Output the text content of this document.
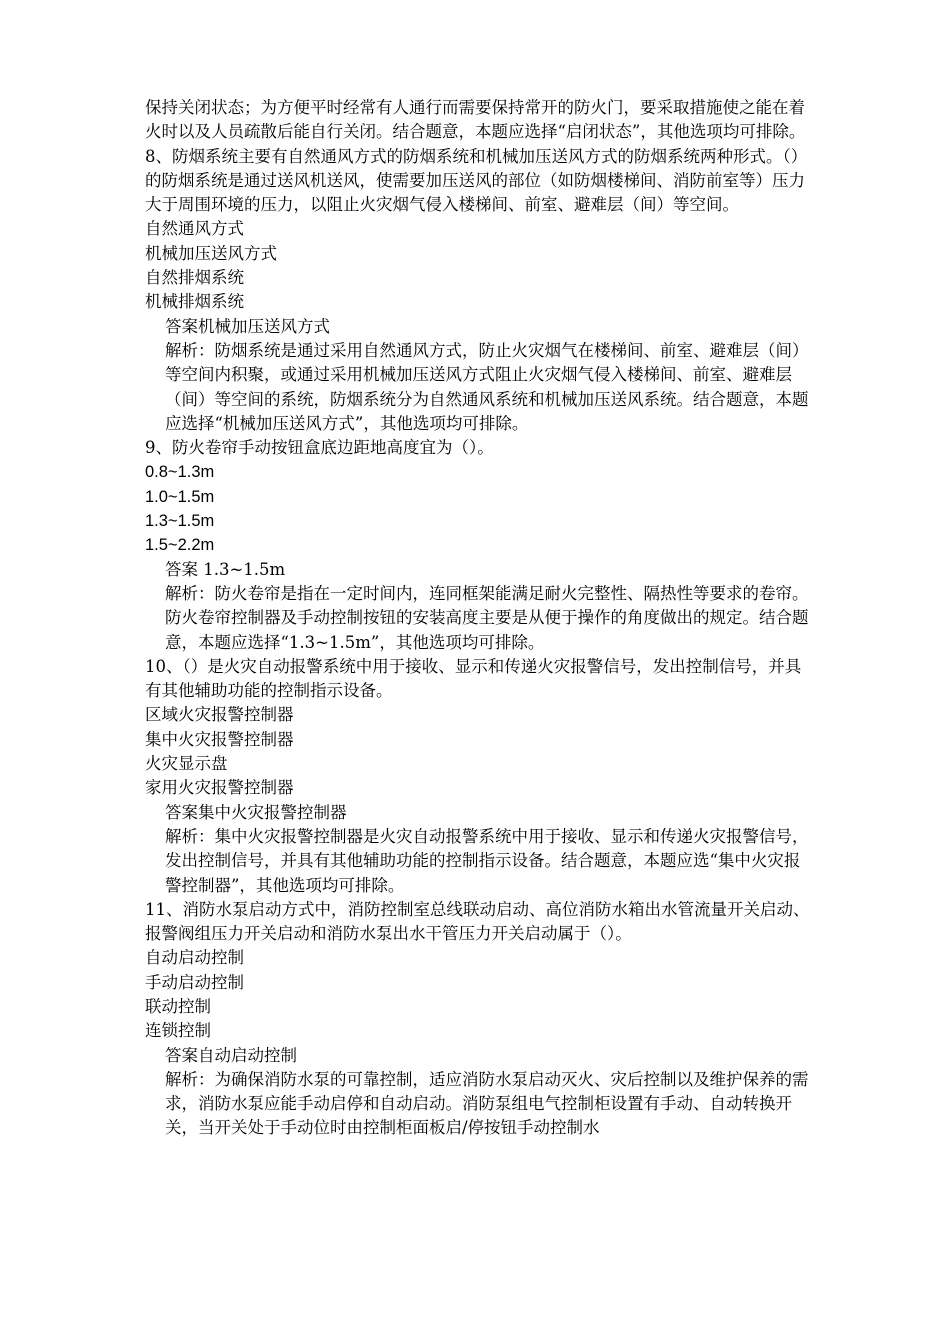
保持关闭状态；为方便平时经常有人通行而需要保持常开的防火门，要采取措施使之能在着火时以及人员疏散后能自行关闭。结合题意，本题应选择“启闭状态”，其他选项均可排除。

8、防烟系统主要有自然通风方式的防烟系统和机械加压送风方式的防烟系统两种形式。（）的防烟系统是通过送风机送风，使需要加压送风的部位（如防烟楼梯间、消防前室等）压力大于周围环境的压力，以阻止火灾烟气侵入楼梯间、前室、避难层（间）等空间。

自然通风方式

机械加压送风方式

自然排烟系统

机械排烟系统

答案机械加压送风方式

解析：防烟系统是通过采用自然通风方式，防止火灾烟气在楼梯间、前室、避难层（间）等空间内积聚，或通过采用机械加压送风方式阻止火灾烟气侵入楼梯间、前室、避难层（间）等空间的系统，防烟系统分为自然通风系统和机械加压送风系统。结合题意，本题应选择“机械加压送风方式”，其他选项均可排除。

9、防火卷帘手动按钮盒底边距地高度宜为（）。

0.8~1.3m

1.0~1.5m

1.3~1.5m

1.5~2.2m

答案 1.3~1.5m

解析：防火卷帘是指在一定时间内，连同框架能满足耐火完整性、隔热性等要求的卷帘。防火卷帘控制器及手动控制按钮的安装高度主要是从便于操作的角度做出的规定。结合题意，本题应选择“1.3~1.5m”，其他选项均可排除。

10、（）是火灾自动报警系统中用于接收、显示和传递火灾报警信号，发出控制信号，并具有其他辅助功能的控制指示设备。

区域火灾报警控制器

集中火灾报警控制器

火灾显示盘

家用火灾报警控制器

答案集中火灾报警控制器

解析：集中火灾报警控制器是火灾自动报警系统中用于接收、显示和传递火灾报警信号，发出控制信号，并具有其他辅助功能的控制指示设备。结合题意，本题应选“集中火灾报警控制器”，其他选项均可排除。

11、消防水泵启动方式中，消防控制室总线联动启动、高位消防水箱出水管流量开关启动、报警阀组压力开关启动和消防水泵出水干管压力开关启动属于（）。

自动启动控制

手动启动控制

联动控制

连锁控制

答案自动启动控制

解析：为确保消防水泵的可靠控制，适应消防水泵启动灭火、灾后控制以及维护保养的需求，消防水泵应能手动启停和自动启动。消防泵组电气控制柜设置有手动、自动转换开关，当开关处于手动位时由控制柜面板启/停按钮手动控制水
